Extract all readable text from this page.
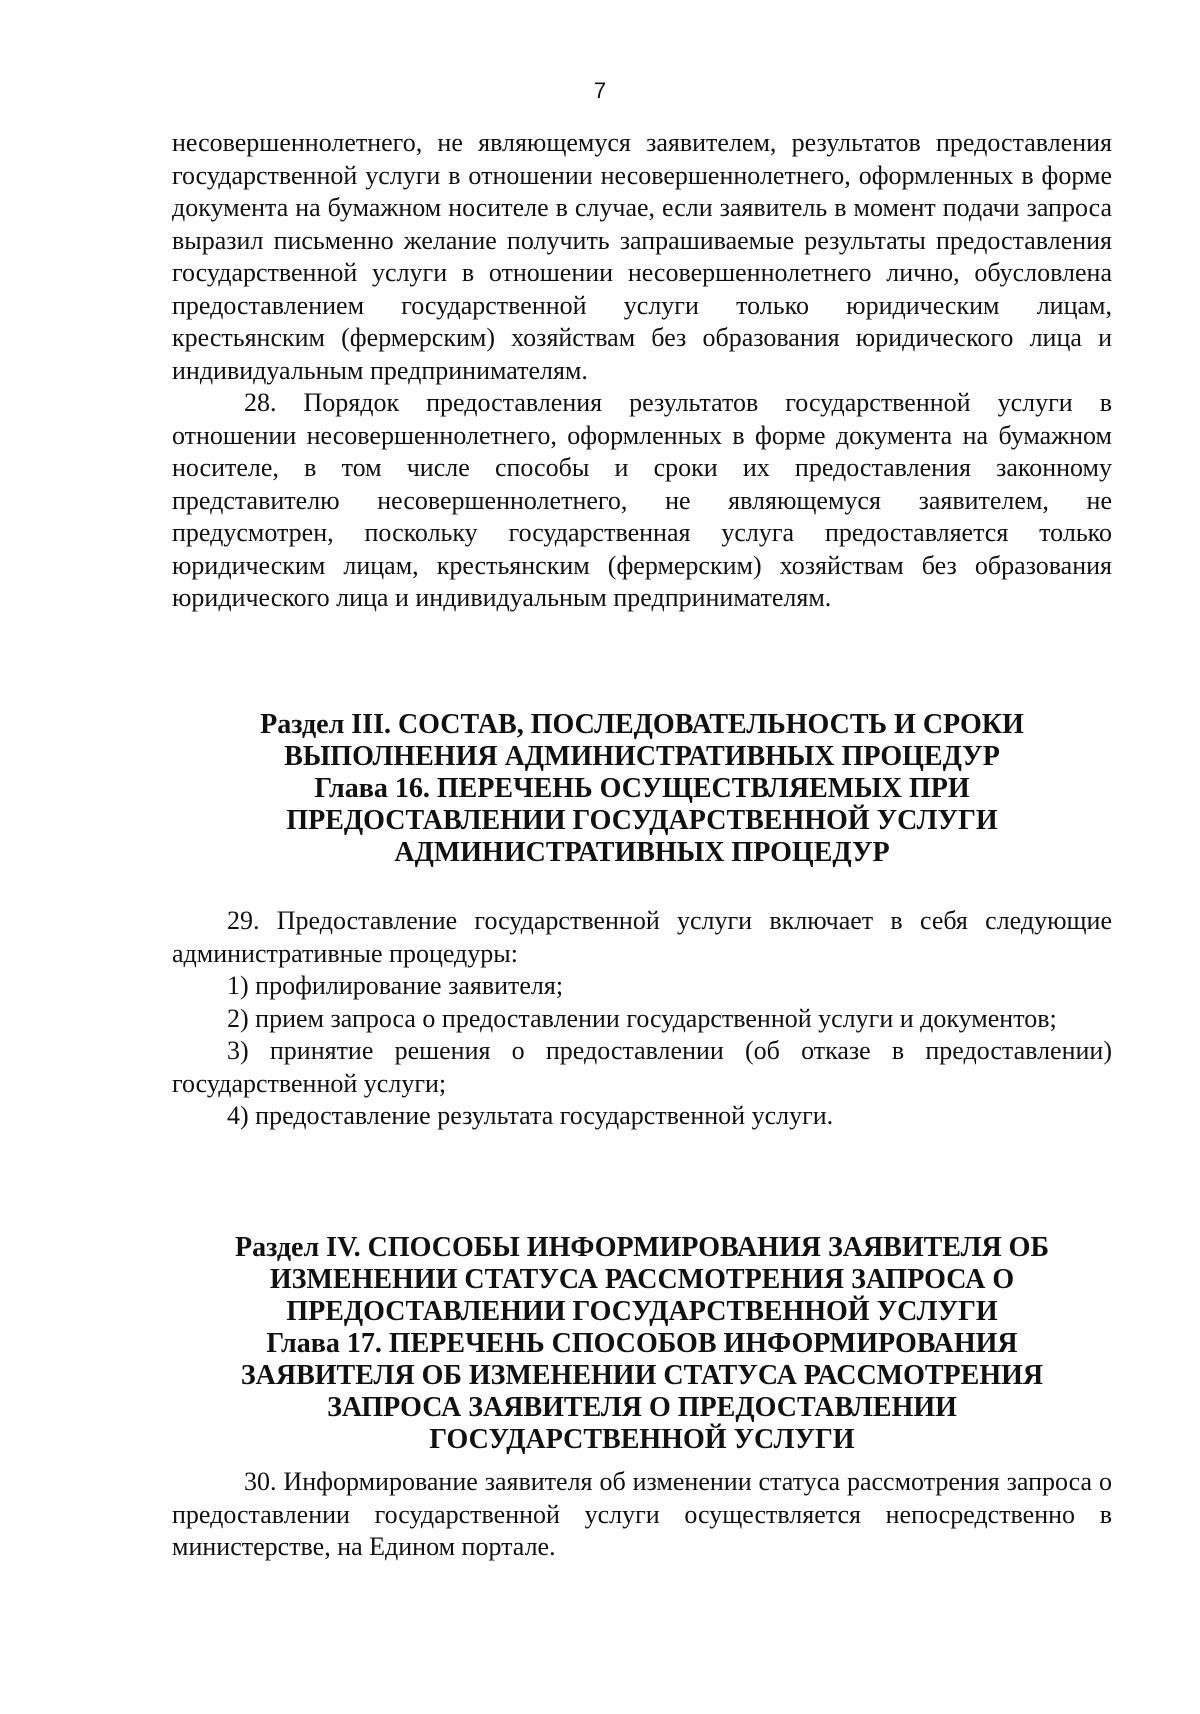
7

несовершеннолетнего, не являющемуся заявителем, результатов предоставления государственной услуги в отношении несовершеннолетнего, оформленных в форме документа на бумажном носителе в случае, если заявитель в момент подачи запроса выразил письменно желание получить запрашиваемые результаты предоставления государственной услуги в отношении несовершеннолетнего лично, обусловлена предоставлением государственной услуги только юридическим лицам, крестьянским (фермерским) хозяйствам без образования юридического лица и индивидуальным предпринимателям.

28. Порядок предоставления результатов государственной услуги в отношении несовершеннолетнего, оформленных в форме документа на бумажном носителе, в том числе способы и сроки их предоставления законному представителю несовершеннолетнего, не являющемуся заявителем, не предусмотрен, поскольку государственная услуга предоставляется только юридическим лицам, крестьянским (фермерским) хозяйствам без образования юридического лица и индивидуальным предпринимателям.

Раздел III. СОСТАВ, ПОСЛЕДОВАТЕЛЬНОСТЬ И СРОКИ
ВЫПОЛНЕНИЯ АДМИНИСТРАТИВНЫХ ПРОЦЕДУР
Глава 16. ПЕРЕЧЕНЬ ОСУЩЕСТВЛЯЕМЫХ ПРИ
ПРЕДОСТАВЛЕНИИ ГОСУДАРСТВЕННОЙ УСЛУГИ
АДМИНИСТРАТИВНЫХ ПРОЦЕДУР

29. Предоставление государственной услуги включает в себя следующие административные процедуры:

1) профилирование заявителя;

2) прием запроса о предоставлении государственной услуги и документов;

3) принятие решения о предоставлении (об отказе в предоставлении) государственной услуги;

4) предоставление результата государственной услуги.

Раздел IV. СПОСОБЫ ИНФОРМИРОВАНИЯ ЗАЯВИТЕЛЯ ОБ
ИЗМЕНЕНИИ СТАТУСА РАССМОТРЕНИЯ ЗАПРОСА О
ПРЕДОСТАВЛЕНИИ ГОСУДАРСТВЕННОЙ УСЛУГИ
Глава 17. ПЕРЕЧЕНЬ СПОСОБОВ ИНФОРМИРОВАНИЯ
ЗАЯВИТЕЛЯ ОБ ИЗМЕНЕНИИ СТАТУСА РАССМОТРЕНИЯ
ЗАПРОСА ЗАЯВИТЕЛЯ О ПРЕДОСТАВЛЕНИИ
ГОСУДАРСТВЕННОЙ УСЛУГИ

30. Информирование заявителя об изменении статуса рассмотрения запроса о предоставлении государственной услуги осуществляется непосредственно в министерстве, на Едином портале.
